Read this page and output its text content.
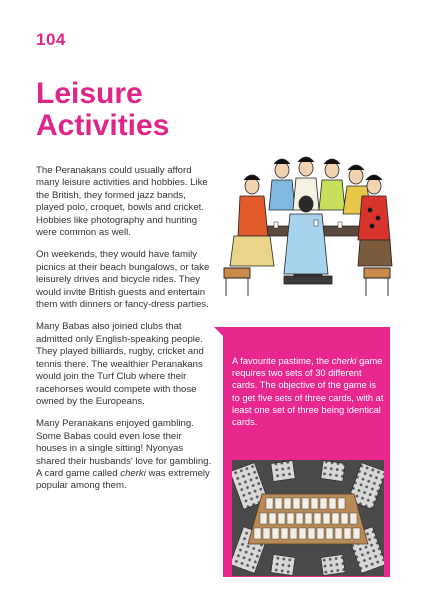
104
Leisure
Activities

The Peranakans could usually afford many leisure activities and hobbies. Like the British, they formed jazz bands, played polo, croquet, bowls and cricket. Hobbies like photography and hunting were common as well.

On weekends, they would have family picnics at their beach bungalows, or take leisurely drives and bicycle rides. They would invite British guests and entertain them with dinners or fancy-dress parties.

Many Babas also joined clubs that admitted only English-speaking people. They played billiards, rugby, cricket and tennis there. The wealthier Peranakans would join the Turf Club where their racehorses would compete with those owned by the Europeans.

Many Peranakans enjoyed gambling. Some Babas could even lose their houses in a single sitting! Nyonyas shared their husbands' love for gambling. A card game called cherki was extremely popular among them.

A favourite pastime, the cherki game requires two sets of 30 different cards. The objective of the game is to get five sets of three cards, with at least one set of three being identical cards.
